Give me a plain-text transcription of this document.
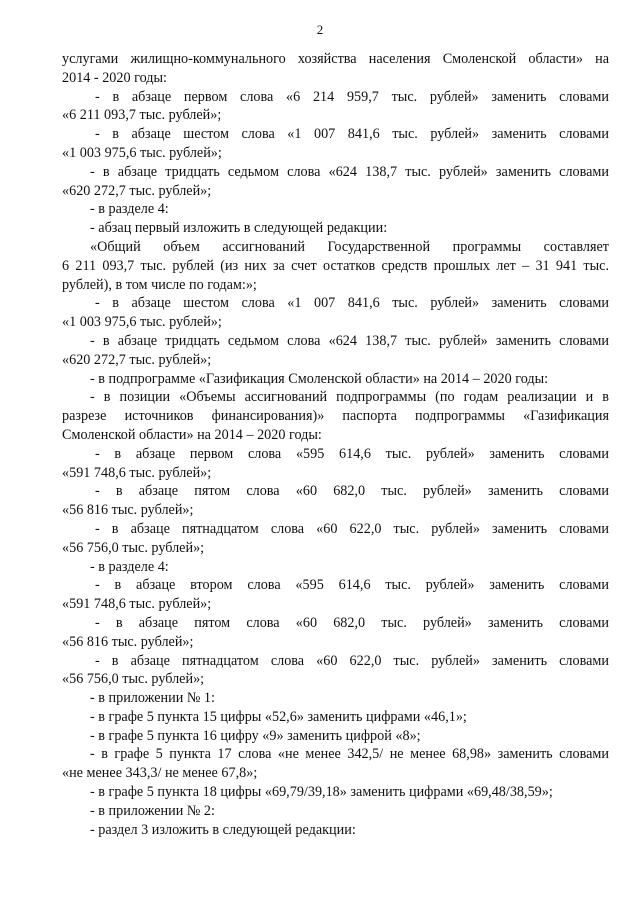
2
услугами жилищно-коммунального хозяйства населения Смоленской области» на
2014 - 2020 годы:
- в абзаце первом слова «6 214 959,7 тыс. рублей» заменить словами
«6 211 093,7 тыс. рублей»;
- в абзаце шестом слова «1 007 841,6 тыс. рублей» заменить словами
«1 003 975,6 тыс. рублей»;
- в абзаце тридцать седьмом слова «624 138,7 тыс. рублей» заменить словами
«620 272,7 тыс. рублей»;
- в разделе 4:
- абзац первый изложить в следующей редакции:
«Общий объем ассигнований Государственной программы составляет
6 211 093,7 тыс. рублей (из них за счет остатков средств прошлых лет – 31 941 тыс.
рублей), в том числе по годам:»;
- в абзаце шестом слова «1 007 841,6 тыс. рублей» заменить словами
«1 003 975,6 тыс. рублей»;
- в абзаце тридцать седьмом слова «624 138,7 тыс. рублей» заменить словами
«620 272,7 тыс. рублей»;
- в подпрограмме «Газификация Смоленской области» на 2014 – 2020 годы:
- в позиции «Объемы ассигнований подпрограммы (по годам реализации и в
разрезе источников финансирования)» паспорта подпрограммы «Газификация
Смоленской области» на 2014 – 2020 годы:
- в абзаце первом слова «595 614,6 тыс. рублей» заменить словами
«591 748,6 тыс. рублей»;
- в абзаце пятом слова «60 682,0 тыс. рублей» заменить словами
«56 816 тыс. рублей»;
- в абзаце пятнадцатом слова «60 622,0 тыс. рублей» заменить словами
«56 756,0 тыс. рублей»;
- в разделе 4:
- в абзаце втором слова «595 614,6 тыс. рублей» заменить словами
«591 748,6 тыс. рублей»;
- в абзаце пятом слова «60 682,0 тыс. рублей» заменить словами
«56 816 тыс. рублей»;
- в абзаце пятнадцатом слова «60 622,0 тыс. рублей» заменить словами
«56 756,0 тыс. рублей»;
- в приложении № 1:
- в графе 5 пункта 15 цифры «52,6» заменить цифрами «46,1»;
- в графе 5 пункта 16 цифру «9» заменить цифрой «8»;
- в графе 5 пункта 17 слова «не менее 342,5/ не менее 68,98» заменить словами
«не менее 343,3/ не менее 67,8»;
- в графе 5 пункта 18 цифры «69,79/39,18» заменить цифрами «69,48/38,59»;
- в приложении № 2:
- раздел 3 изложить в следующей редакции:
